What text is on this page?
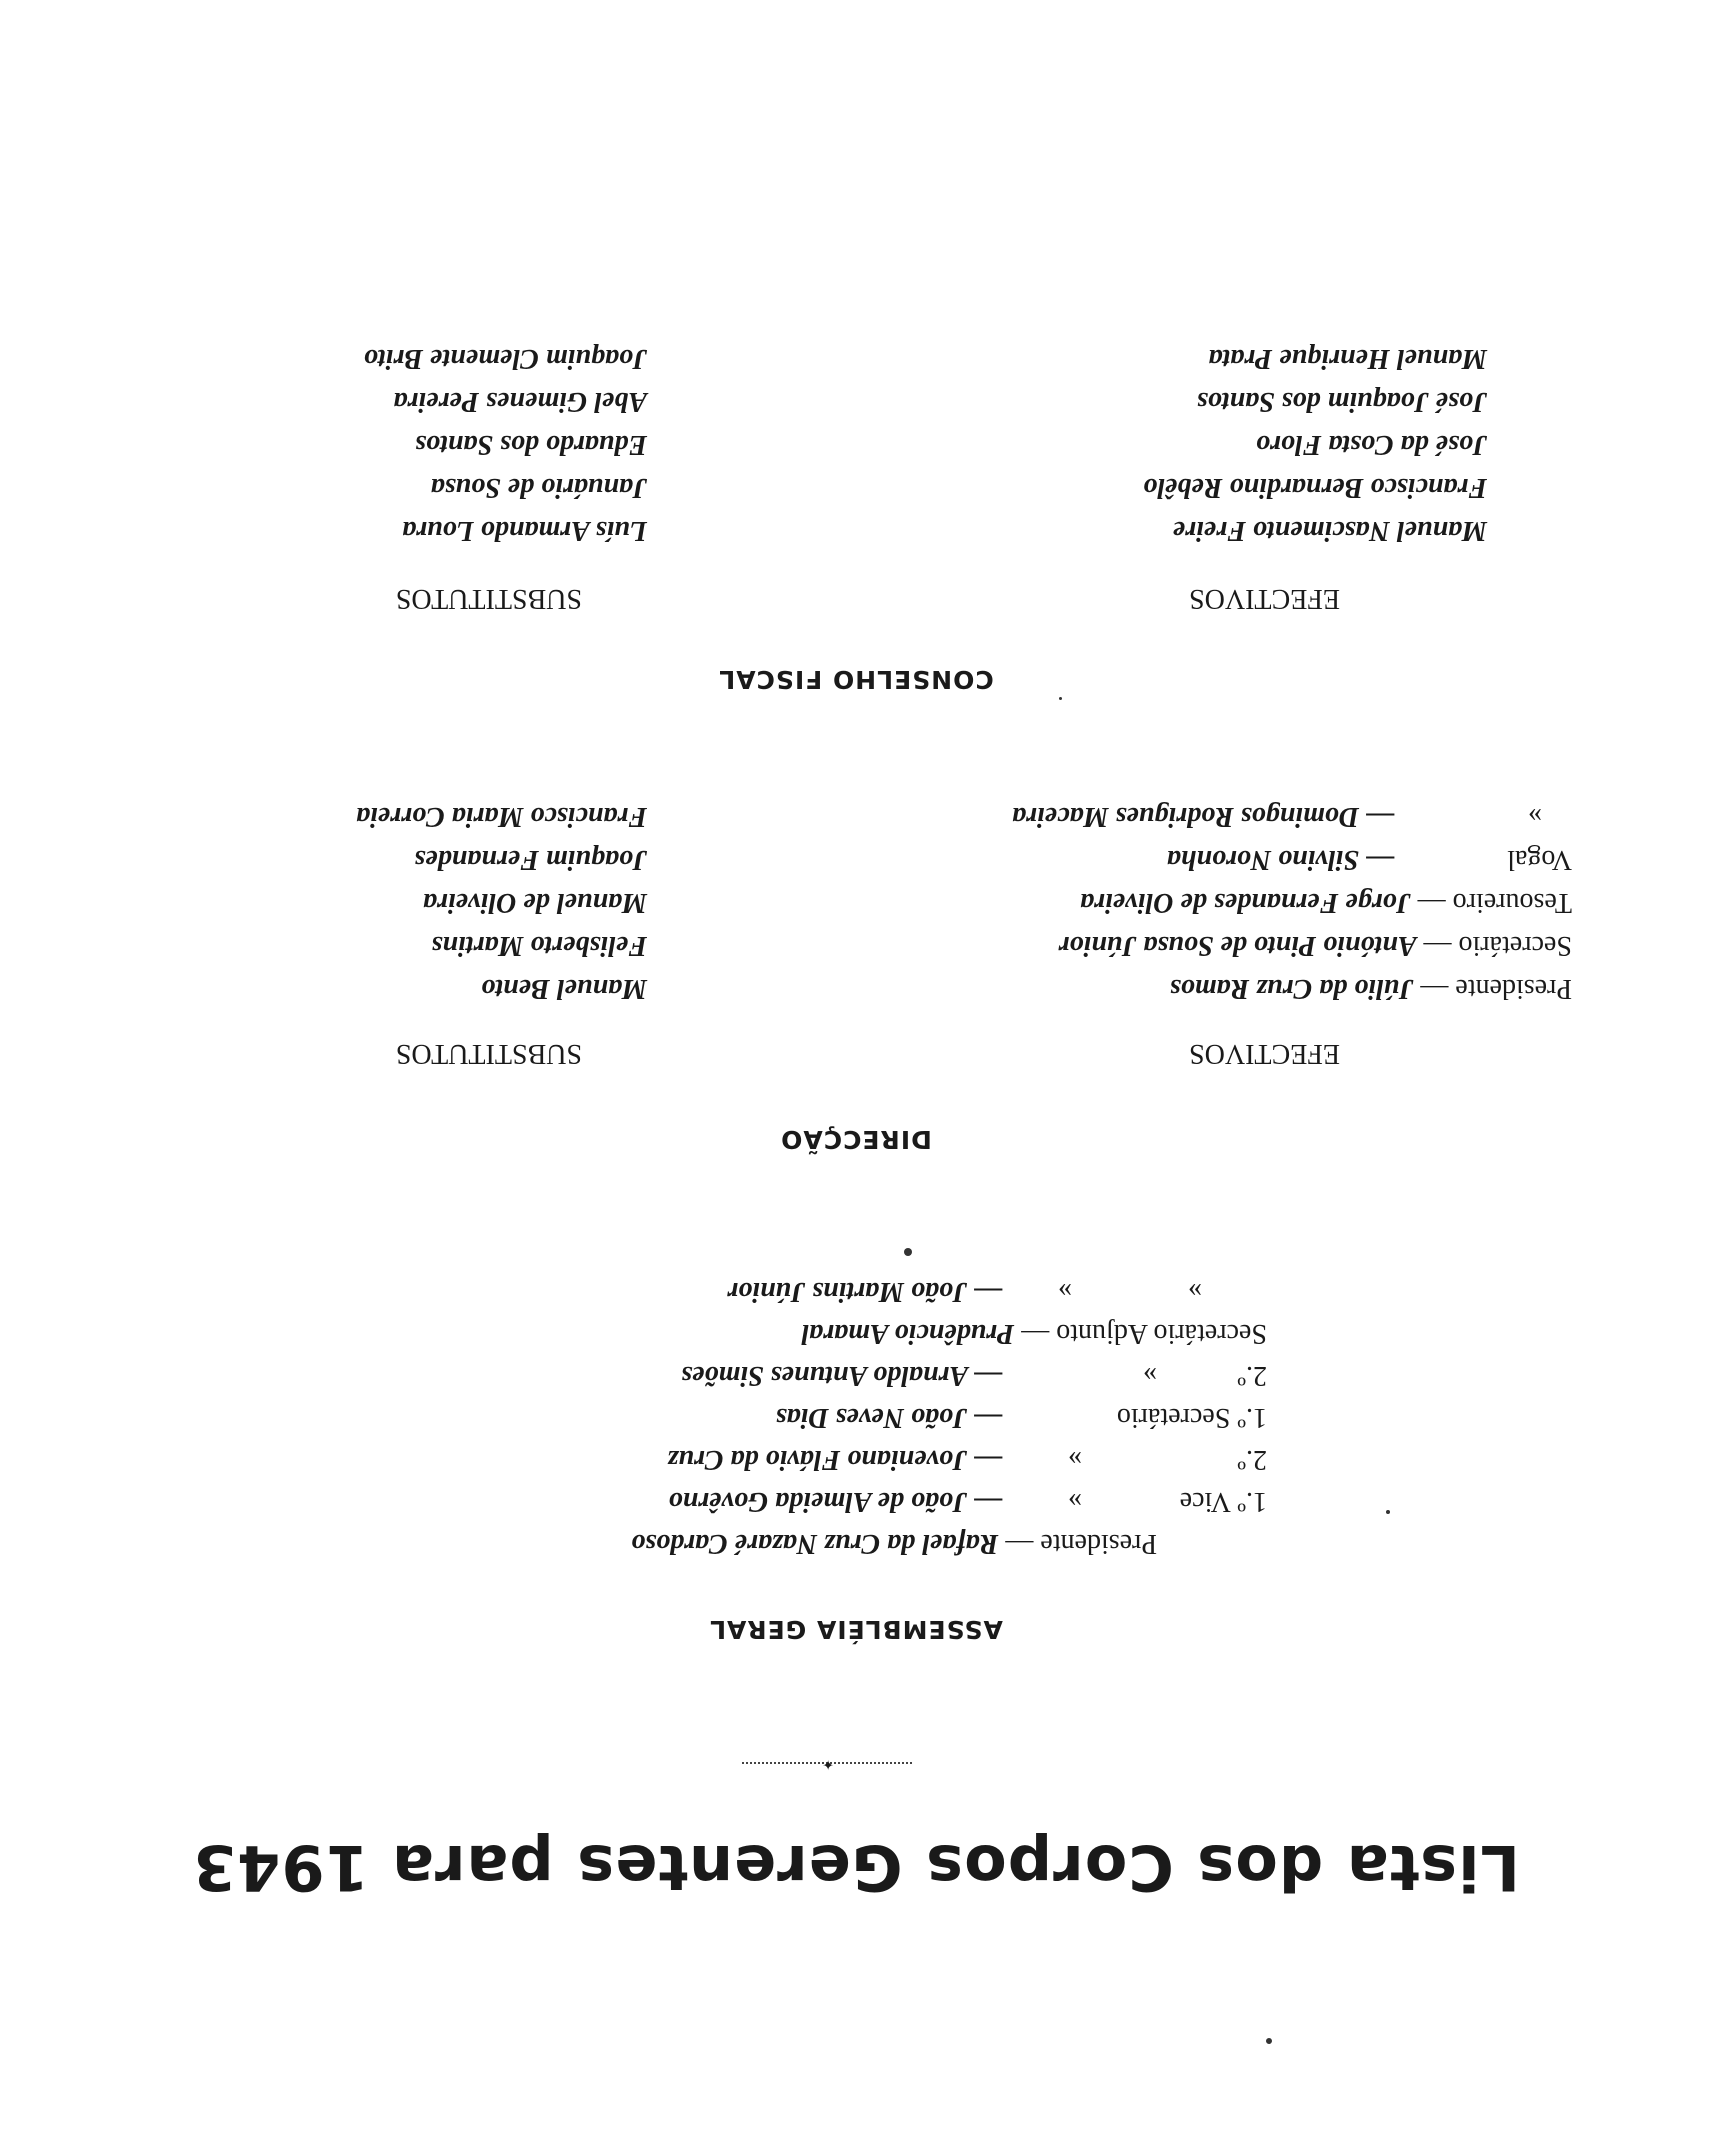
Lista dos Corpos Gerentes para 1943
✦
ASSEMBLÉIA GERAL
Presidente — Rafael da Cruz Nazaré Cardoso
1.º Vice
»
— João de Almeida Govêrno
2.º
»
— Joveniano Flávio da Cruz
1.º Secretário
— João Neves Dias
2.º
»
— Arnaldo Antunes Simões
Secretário Adjunto — Prudêncio Amaral
»
»
— João Martins Júnior
DIRECÇÃO
EFECTIVOS
SUBSTITUTOS
Presidente — Júlio da Cruz Ramos
Secretário — António Pinto de Sousa Júnior
Tesoureiro — Jorge Fernandes de Oliveira
Vogal
— Silvino Noronha
»
— Domingos Rodrigues Maceira
Manuel Bento
Felisberto Martins
Manuel de Oliveira
Joaquim Fernandes
Francisco Maria Correia
CONSELHO FISCAL
EFECTIVOS
SUBSTITUTOS
Manuel Nascimento Freire
Francisco Bernardino Rebêlo
José da Costa Floro
José Joaquim dos Santos
Manuel Henrique Prata
Luís Armando Loura
Januário de Sousa
Eduardo dos Santos
Abel Gimenes Pereira
Joaquim Clemente Brito
